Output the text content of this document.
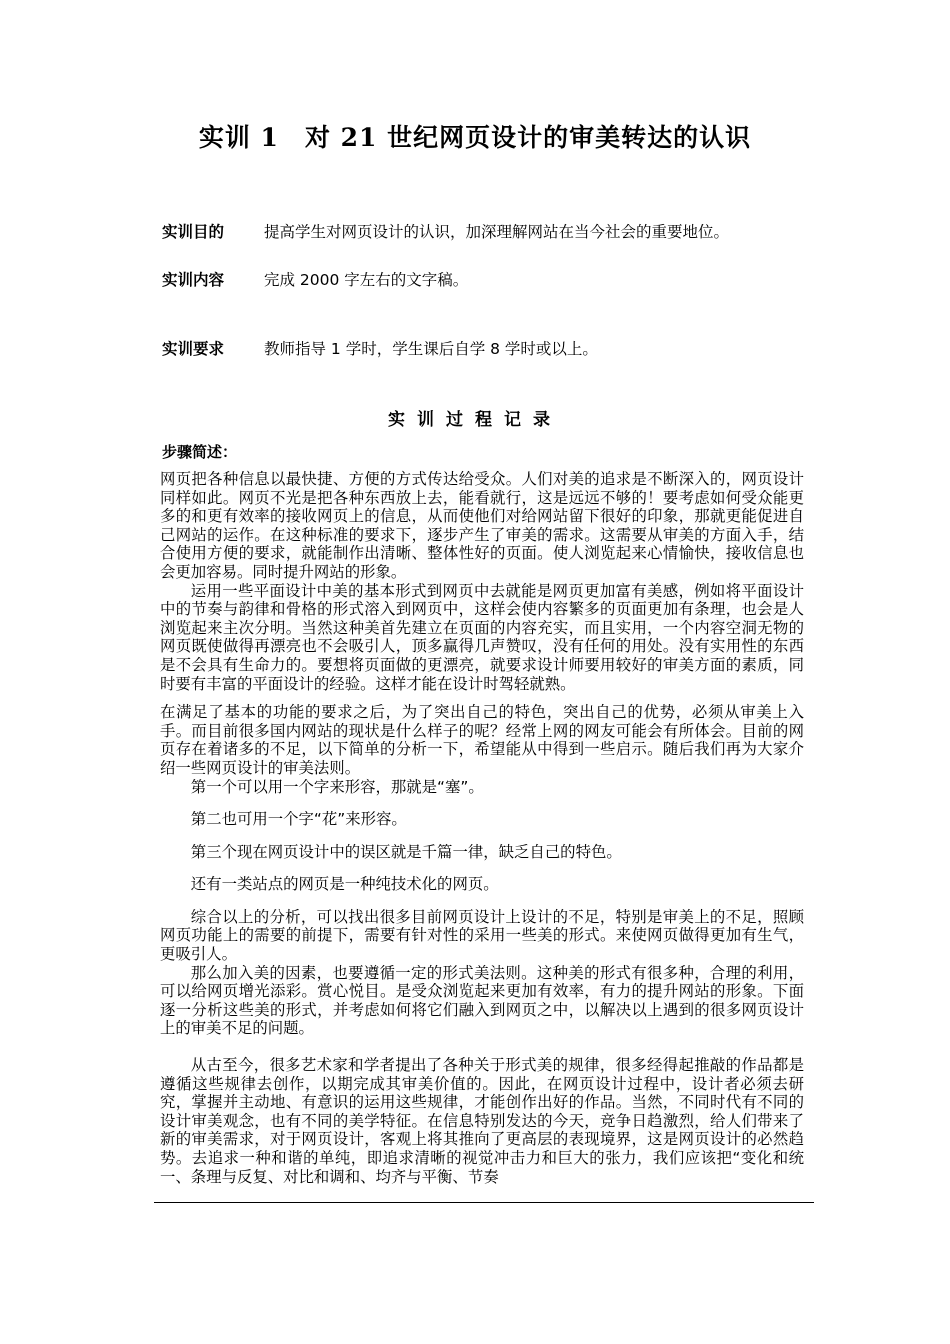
实训 1　对 21 世纪网页设计的审美转达的认识
实训目的	提高学生对网页设计的认识，加深理解网站在当今社会的重要地位。
实训内容	完成 2000 字左右的文字稿。
实训要求	教师指导 1 学时，学生课后自学 8 学时或以上。
实训过程记录
步骤简述：

网页把各种信息以最快捷、方便的方式传达给受众。人们对美的追求是不断深入的，网页设计同样如此。网页不光是把各种东西放上去，能看就行，这是远远不够的！要考虑如何受众能更多的和更有效率的接收网页上的信息，从而使他们对给网站留下很好的印象，那就更能促进自己网站的运作。在这种标准的要求下，逐步产生了审美的需求。这需要从审美的方面入手，结合使用方便的要求，就能制作出清晰、整体性好的页面。使人浏览起来心情愉快，接收信息也会更加容易。同时提升网站的形象。

运用一些平面设计中美的基本形式到网页中去就能是网页更加富有美感，例如将平面设计中的节奏与韵律和骨格的形式溶入到网页中，这样会使内容繁多的页面更加有条理，也会是人浏览起来主次分明。当然这种美首先建立在页面的内容充实，而且实用，一个内容空洞无物的网页既使做得再漂亮也不会吸引人，顶多赢得几声赞叹，没有任何的用处。没有实用性的东西是不会具有生命力的。要想将页面做的更漂亮，就要求设计师要用较好的审美方面的素质，同时要有丰富的平面设计的经验。这样才能在设计时驾轻就熟。

在满足了基本的功能的要求之后，为了突出自己的特色，突出自己的优势，必须从审美上入手。而目前很多国内网站的现状是什么样子的呢？经常上网的网友可能会有所体会。目前的网页存在着诸多的不足，以下简单的分析一下，希望能从中得到一些启示。随后我们再为大家介绍一些网页设计的审美法则。

第一个可以用一个字来形容，那就是“塞”。

第二也可用一个字“花”来形容。

第三个现在网页设计中的误区就是千篇一律，缺乏自己的特色。

还有一类站点的网页是一种纯技术化的网页。

综合以上的分析，可以找出很多目前网页设计上设计的不足，特别是审美上的不足，照顾网页功能上的需要的前提下，需要有针对性的采用一些美的形式。来使网页做得更加有生气，更吸引人。

那么加入美的因素，也要遵循一定的形式美法则。这种美的形式有很多种，合理的利用，可以给网页增光添彩。赏心悦目。是受众浏览起来更加有效率，有力的提升网站的形象。下面逐一分析这些美的形式，并考虑如何将它们融入到网页之中，以解决以上遇到的很多网页设计上的审美不足的问题。

从古至今，很多艺术家和学者提出了各种关于形式美的规律，很多经得起推敲的作品都是遵循这些规律去创作，以期完成其审美价值的。因此，在网页设计过程中，设计者必须去研究，掌握并主动地、有意识的运用这些规律，才能创作出好的作品。当然，不同时代有不同的设计审美观念，也有不同的美学特征。在信息特别发达的今天，竞争日趋激烈，给人们带来了新的审美需求，对于网页设计，客观上将其推向了更高层的表现境界，这是网页设计的必然趋势。去追求一种和谐的单纯，即追求清晰的视觉冲击力和巨大的张力，我们应该把“变化和统一、条理与反复、对比和调和、均齐与平衡、节奏
